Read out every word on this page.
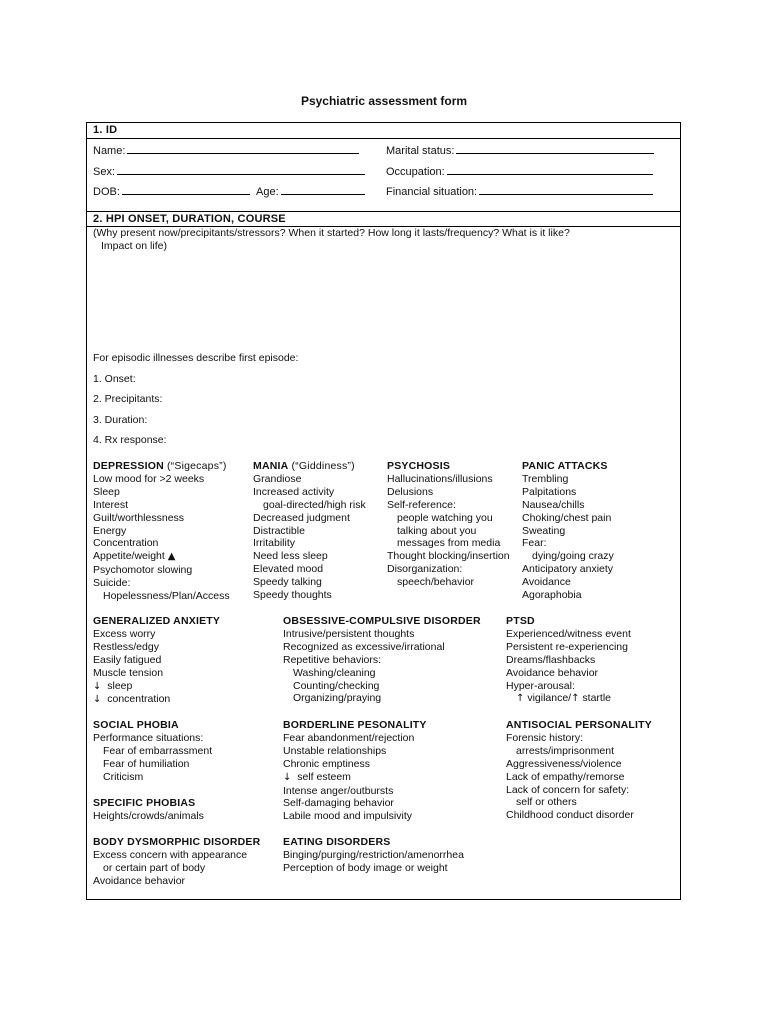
Psychiatric assessment form
1. ID
Name:	Marital status:
Sex:	Occupation:
DOB:	Age:	Financial situation:
2. HPI ONSET, DURATION, COURSE
(Why present now/precipitants/stressors? When it started? How long it lasts/frequency? What is it like?
Impact on life)
For episodic illnesses describe first episode:
1. Onset:
2. Precipitants:
3. Duration:
4. Rx response:
DEPRESSION (“Sigecaps”)
Low mood for >2 weeks
Sleep
Interest
Guilt/worthlessness
Energy
Concentration
Appetite/weight ▲
Psychomotor slowing
Suicide:
Hopelessness/Plan/Access
MANIA (“Giddiness”)
Grandiose
Increased activity
goal-directed/high risk
Decreased judgment
Distractible
Irritability
Need less sleep
Elevated mood
Speedy talking
Speedy thoughts
PSYCHOSIS
Hallucinations/illusions
Delusions
Self-reference:
people watching you
talking about you
messages from media
Thought blocking/insertion
Disorganization:
speech/behavior
PANIC ATTACKS
Trembling
Palpitations
Nausea/chills
Choking/chest pain
Sweating
Fear:
dying/going crazy
Anticipatory anxiety
Avoidance
Agoraphobia
GENERALIZED ANXIETY
Excess worry
Restless/edgy
Easily fatigued
Muscle tension
↓ sleep
↓ concentration
OBSESSIVE-COMPULSIVE DISORDER
Intrusive/persistent thoughts
Recognized as excessive/irrational
Repetitive behaviors:
Washing/cleaning
Counting/checking
Organizing/praying
PTSD
Experienced/witness event
Persistent re-experiencing
Dreams/flashbacks
Avoidance behavior
Hyper-arousal:
↑ vigilance/↑ startle
SOCIAL PHOBIA
Performance situations:
Fear of embarrassment
Fear of humiliation
Criticism
BORDERLINE PESONALITY
Fear abandonment/rejection
Unstable relationships
Chronic emptiness
↓ self esteem
Intense anger/outbursts
Self-damaging behavior
Labile mood and impulsivity
ANTISOCIAL PERSONALITY
Forensic history:
arrests/imprisonment
Aggressiveness/violence
Lack of empathy/remorse
Lack of concern for safety:
self or others
Childhood conduct disorder
SPECIFIC PHOBIAS
Heights/crowds/animals
BODY DYSMORPHIC DISORDER
Excess concern with appearance
or certain part of body
Avoidance behavior
EATING DISORDERS
Binging/purging/restriction/amenorrhea
Perception of body image or weight
